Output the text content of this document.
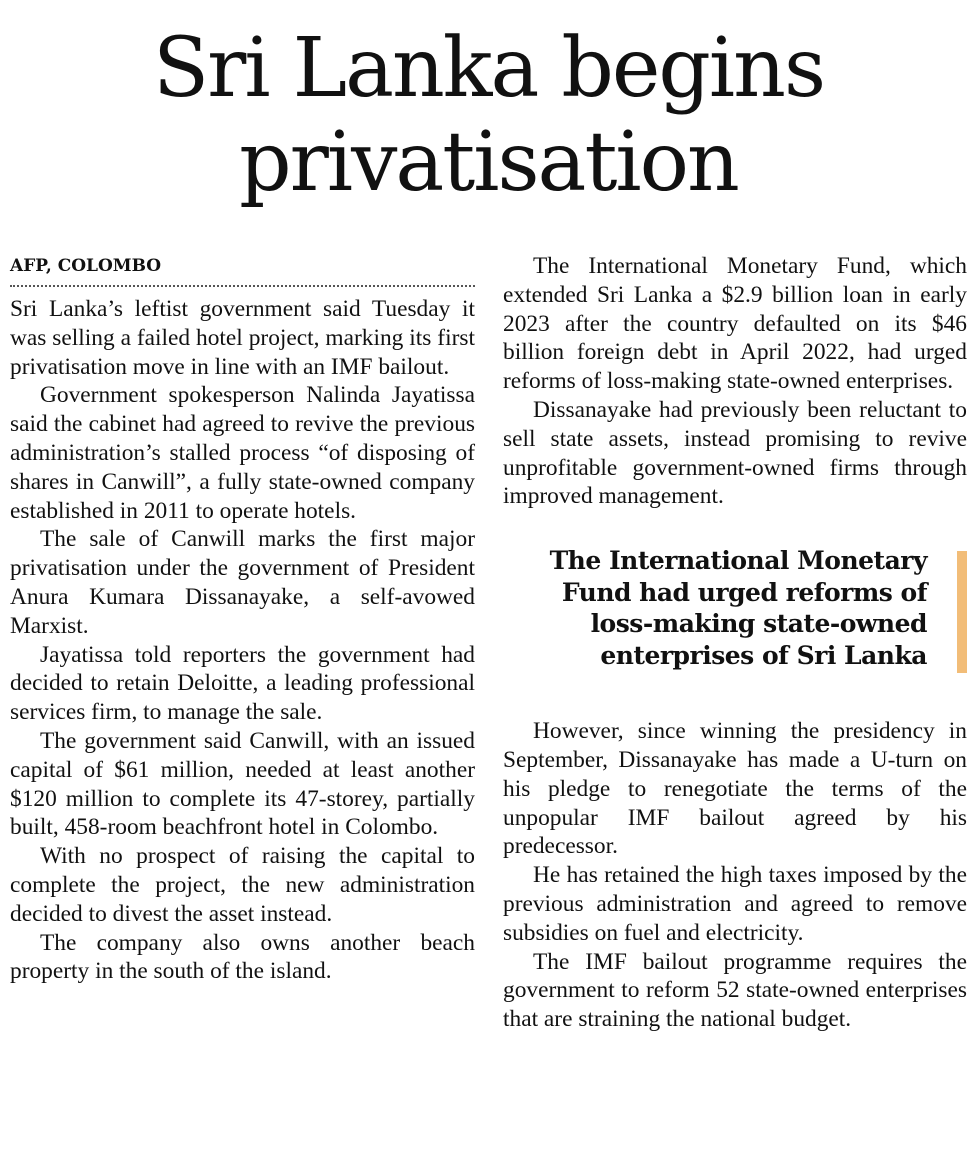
Sri Lanka begins
privatisation
AFP, COLOMBO

Sri Lanka’s leftist government said Tuesday it was selling a failed hotel project, marking its first privatisation move in line with an IMF bailout.

Government spokesperson Nalinda Jayatissa said the cabinet had agreed to revive the previous administration’s stalled process “of disposing of shares in Canwill”, a fully state-owned company established in 2011 to operate hotels.

The sale of Canwill marks the first major privatisation under the government of President Anura Kumara Dissanayake, a self-avowed Marxist.

Jayatissa told reporters the government had decided to retain Deloitte, a leading professional services firm, to manage the sale.

The government said Canwill, with an issued capital of $61 million, needed at least another $120 million to complete its 47-storey, partially built, 458-room beachfront hotel in Colombo.

With no prospect of raising the capital to complete the project, the new administration decided to divest the asset instead.

The company also owns another beach property in the south of the island.

The International Monetary Fund, which extended Sri Lanka a $2.9 billion loan in early 2023 after the country defaulted on its $46 billion foreign debt in April 2022, had urged reforms of loss-making state-owned enterprises.

Dissanayake had previously been reluctant to sell state assets, instead promising to revive unprofitable government-owned firms through improved management.

The International Monetary
Fund had urged reforms of
loss-making state-owned
enterprises of Sri Lanka

However, since winning the presidency in September, Dissanayake has made a U-turn on his pledge to renegotiate the terms of the unpopular IMF bailout agreed by his predecessor.

He has retained the high taxes imposed by the previous administration and agreed to remove subsidies on fuel and electricity.

The IMF bailout programme requires the government to reform 52 state-owned enterprises that are straining the national budget.
